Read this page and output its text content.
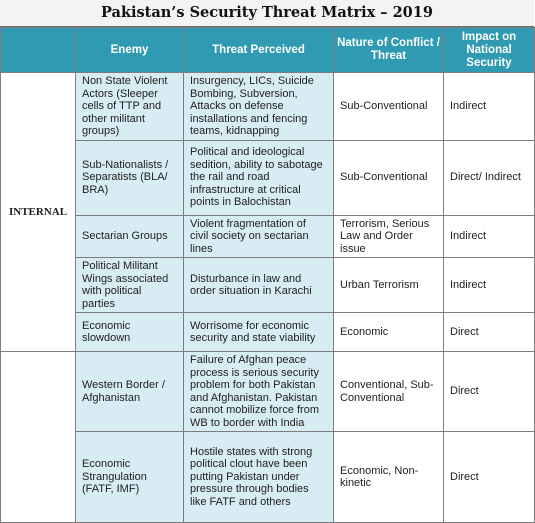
Pakistan’s Security Threat Matrix – 2019
	Enemy	Threat Perceived	Nature of Conflict / Threat	Impact on National Security
INTERNAL	Non State Violent Actors (Sleeper cells of TTP and other militant groups)	Insurgency, LICs, Suicide Bombing, Subversion, Attacks on defense installations and fencing teams, kidnapping	Sub-Conventional	Indirect
	Sub-Nationalists / Separatists (BLA/ BRA)	Political and ideological sedition, ability to sabotage the rail and road infrastructure at critical points in Balochistan	Sub-Conventional	Direct/ Indirect
	Sectarian Groups	Violent fragmentation of civil society on sectarian lines	Terrorism, Serious Law and Order issue	Indirect
	Political Militant Wings associated with political parties	Disturbance in law and order situation in Karachi	Urban Terrorism	Indirect
	Economic slowdown	Worrisome for economic security and state viability	Economic	Direct
	Western Border / Afghanistan	Failure of Afghan peace process is serious security problem for both Pakistan and Afghanistan. Pakistan cannot mobilize force from WB to border with India	Conventional, Sub-Conventional	Direct
	Economic Strangulation (FATF, IMF)	Hostile states with strong political clout have been putting Pakistan under pressure through bodies like FATF and others	Economic, Non-kinetic	Direct
